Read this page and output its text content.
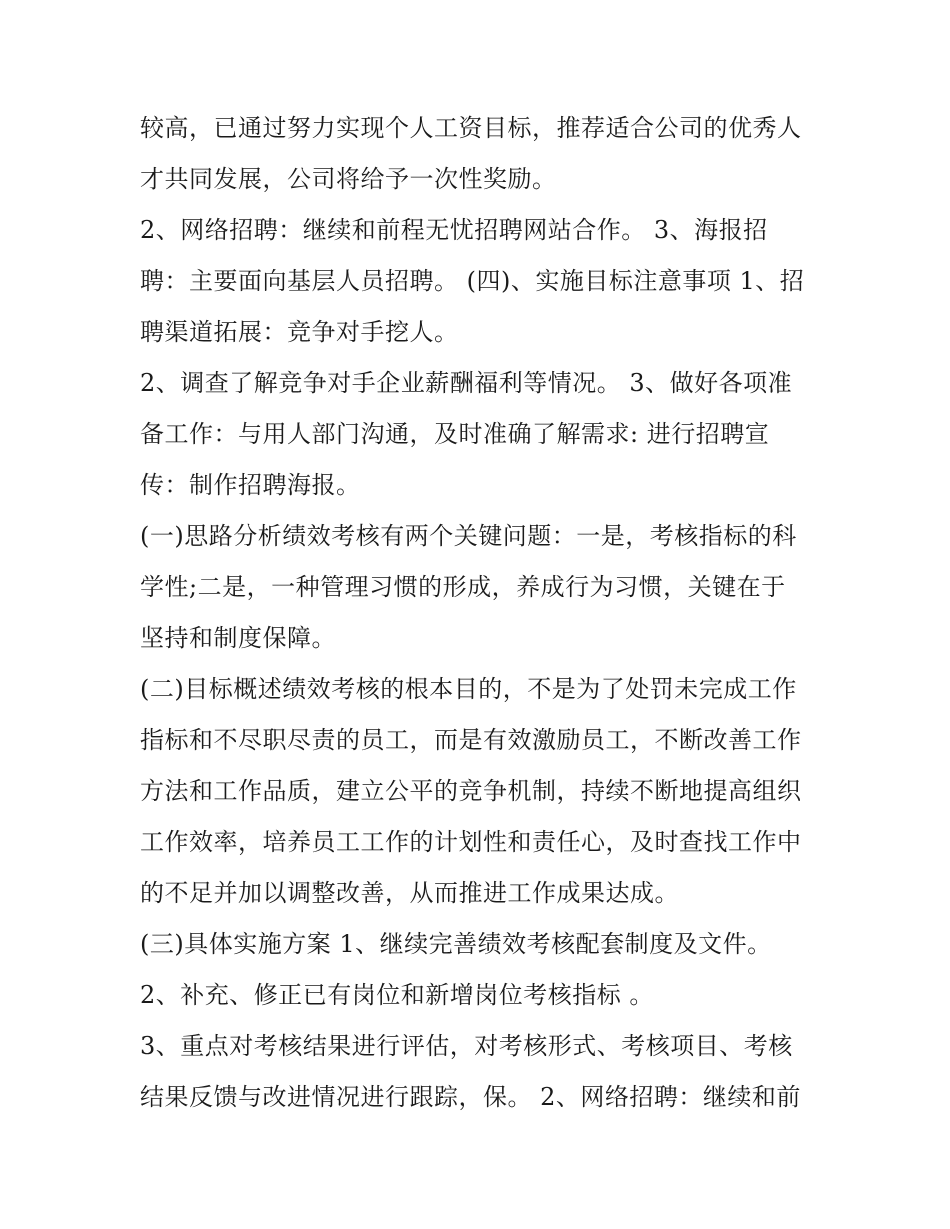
较高，已通过努力实现个人工资目标，推荐适合公司的优秀人
才共同发展，公司将给予一次性奖励。
2、网络招聘：继续和前程无忧招聘网站合作。 3、海报招
聘：主要面向基层人员招聘。 (四)、实施目标注意事项 1、招
聘渠道拓展：竞争对手挖人。
2、调查了解竞争对手企业薪酬福利等情况。 3、做好各项准
备工作：与用人部门沟通，及时准确了解需求: 进行招聘宣
传：制作招聘海报。
(一)思路分析绩效考核有两个关键问题：一是，考核指标的科
学性;二是，一种管理习惯的形成，养成行为习惯，关键在于
坚持和制度保障。
(二)目标概述绩效考核的根本目的，不是为了处罚未完成工作
指标和不尽职尽责的员工，而是有效激励员工，不断改善工作
方法和工作品质，建立公平的竞争机制，持续不断地提高组织
工作效率，培养员工工作的计划性和责任心，及时查找工作中
的不足并加以调整改善，从而推进工作成果达成。
(三)具体实施方案 1、继续完善绩效考核配套制度及文件。
2、补充、修正已有岗位和新增岗位考核指标 。
3、重点对考核结果进行评估，对考核形式、考核项目、考核
结果反馈与改进情况进行跟踪，保。 2、网络招聘：继续和前
